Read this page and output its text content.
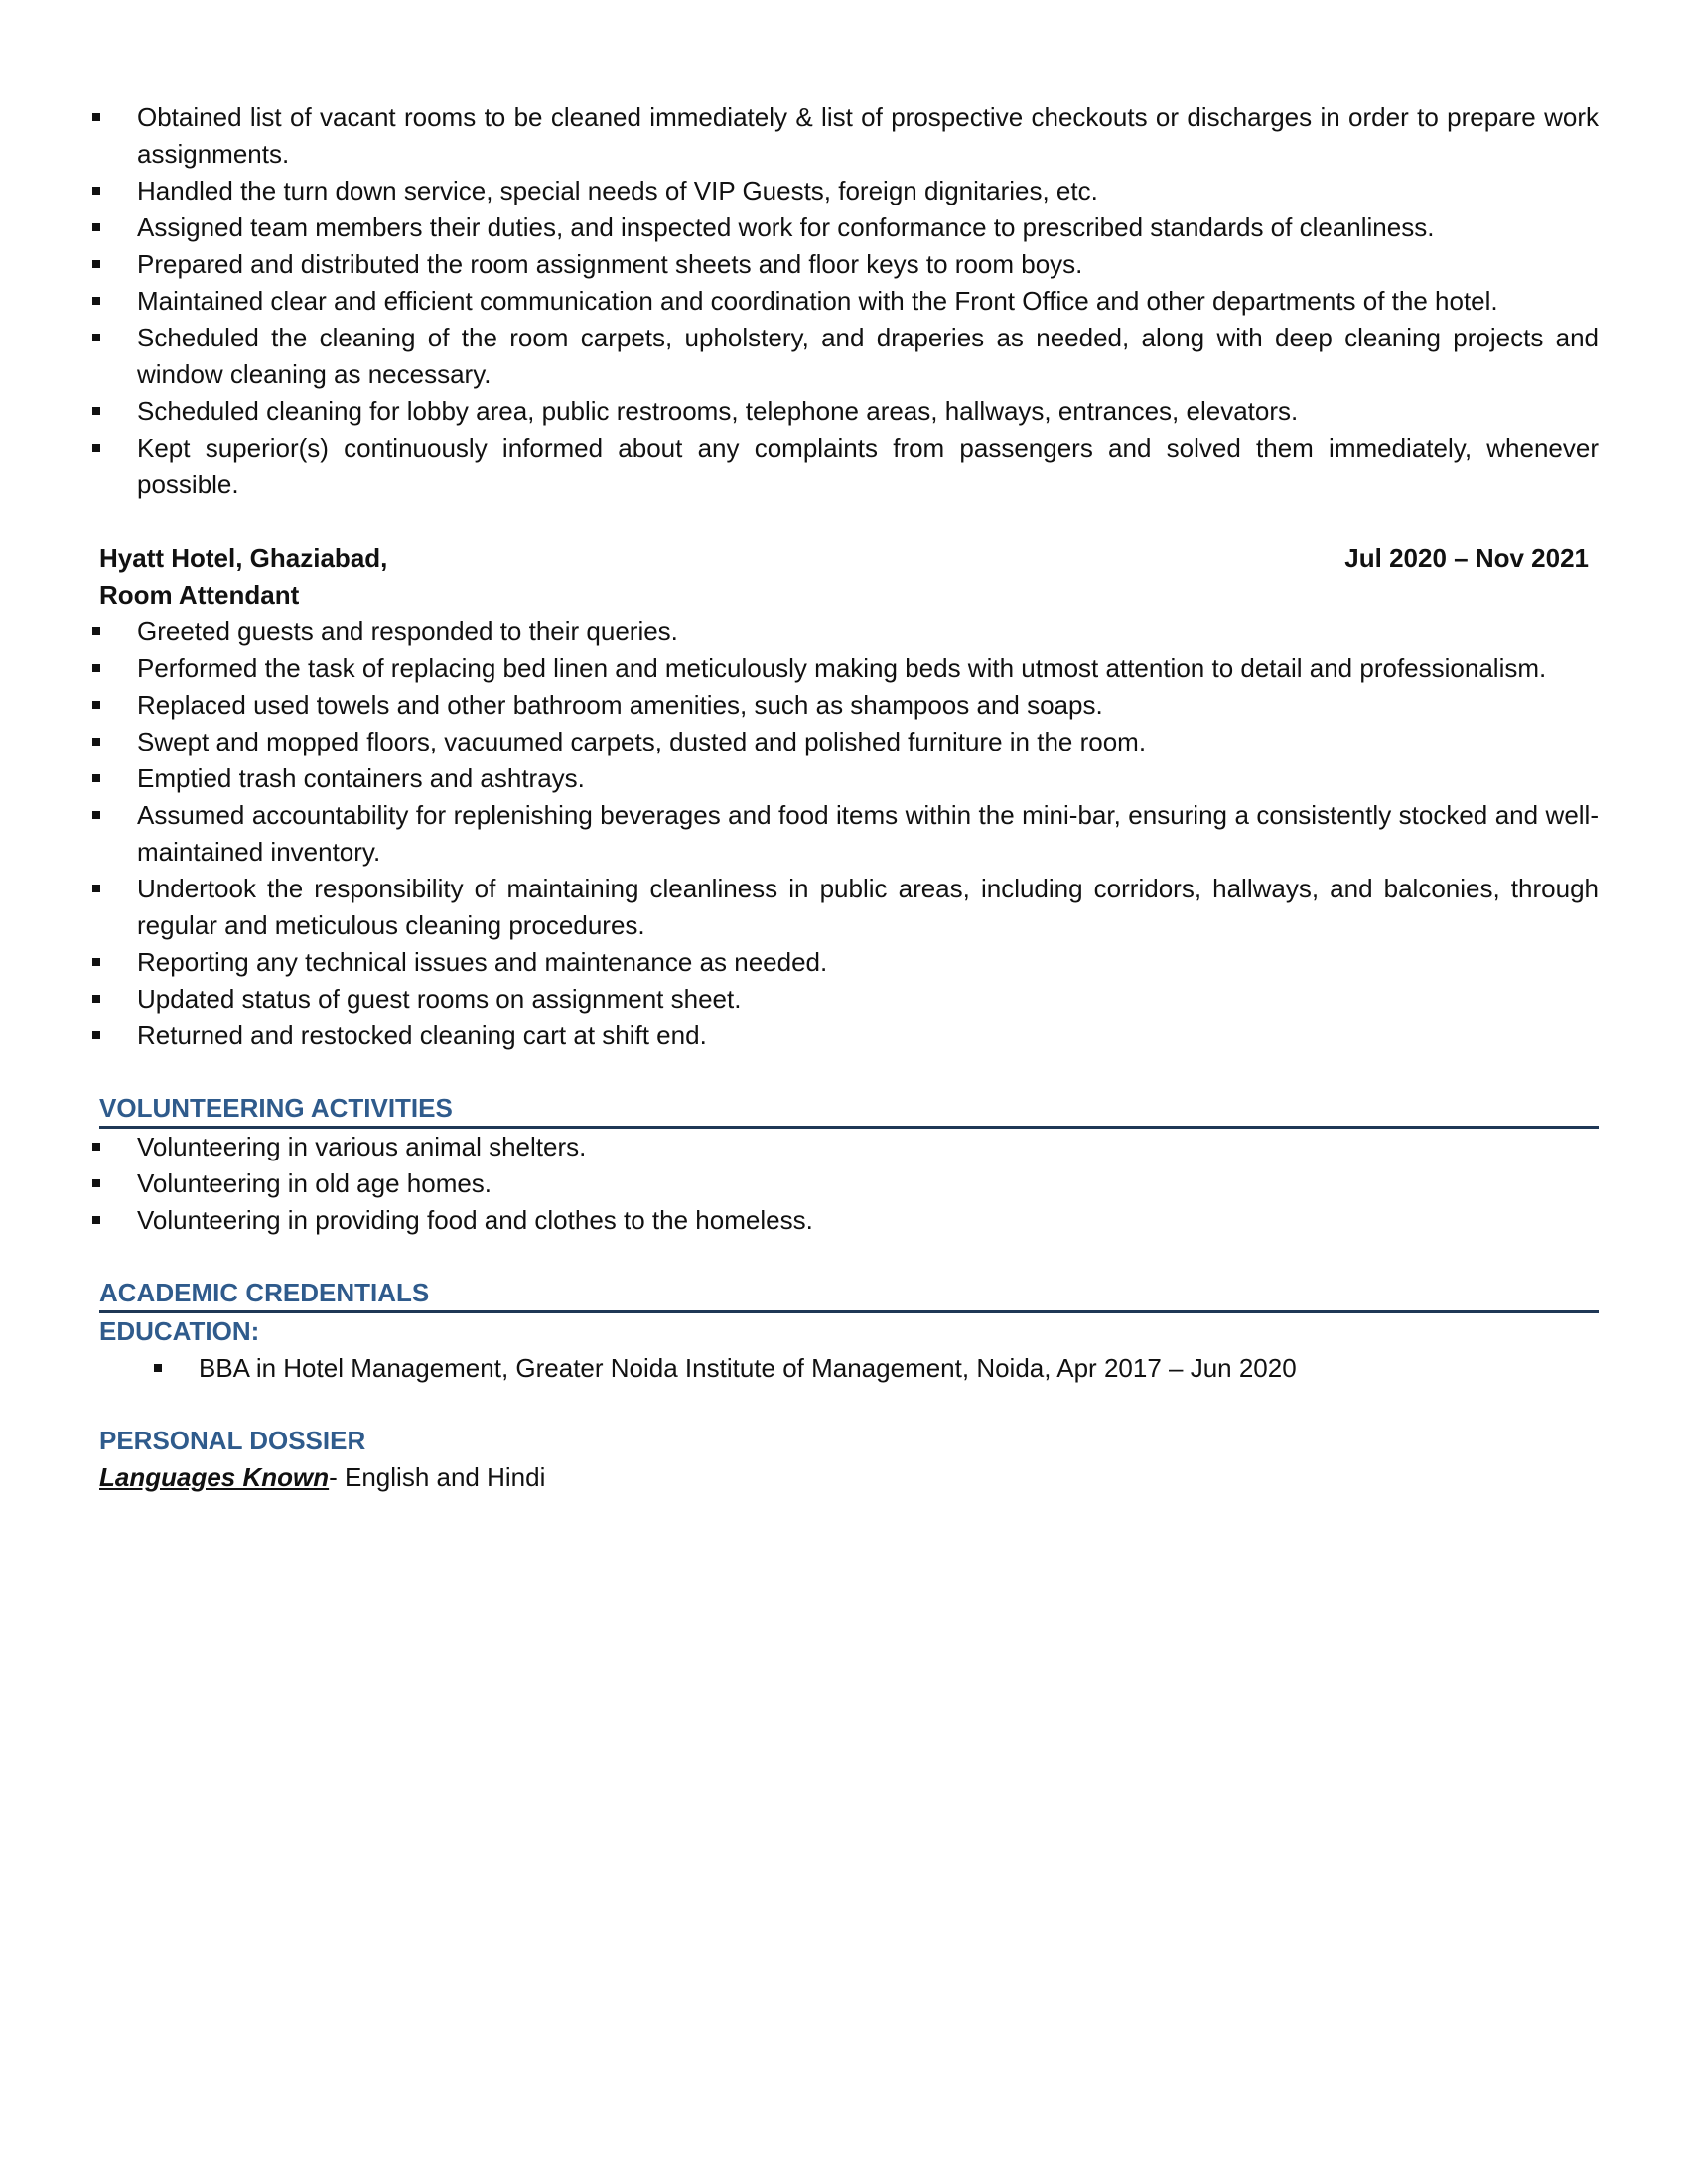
Obtained list of vacant rooms to be cleaned immediately & list of prospective checkouts or discharges in order to prepare work assignments.
Handled the turn down service, special needs of VIP Guests, foreign dignitaries, etc.
Assigned team members their duties, and inspected work for conformance to prescribed standards of cleanliness.
Prepared and distributed the room assignment sheets and floor keys to room boys.
Maintained clear and efficient communication and coordination with the Front Office and other departments of the hotel.
Scheduled the cleaning of the room carpets, upholstery, and draperies as needed, along with deep cleaning projects and window cleaning as necessary.
Scheduled cleaning for lobby area, public restrooms, telephone areas, hallways, entrances, elevators.
Kept superior(s) continuously informed about any complaints from passengers and solved them immediately, whenever possible.
Hyatt Hotel, Ghaziabad,	Jul 2020 – Nov 2021
Room Attendant
Greeted guests and responded to their queries.
Performed the task of replacing bed linen and meticulously making beds with utmost attention to detail and professionalism.
Replaced used towels and other bathroom amenities, such as shampoos and soaps.
Swept and mopped floors, vacuumed carpets, dusted and polished furniture in the room.
Emptied trash containers and ashtrays.
Assumed accountability for replenishing beverages and food items within the mini-bar, ensuring a consistently stocked and well-maintained inventory.
Undertook the responsibility of maintaining cleanliness in public areas, including corridors, hallways, and balconies, through regular and meticulous cleaning procedures.
Reporting any technical issues and maintenance as needed.
Updated status of guest rooms on assignment sheet.
Returned and restocked cleaning cart at shift end.
VOLUNTEERING ACTIVITIES
Volunteering in various animal shelters.
Volunteering in old age homes.
Volunteering in providing food and clothes to the homeless.
ACADEMIC CREDENTIALS
EDUCATION:
BBA in Hotel Management, Greater Noida Institute of Management, Noida, Apr 2017 – Jun 2020
PERSONAL DOSSIER
Languages Known- English and Hindi
